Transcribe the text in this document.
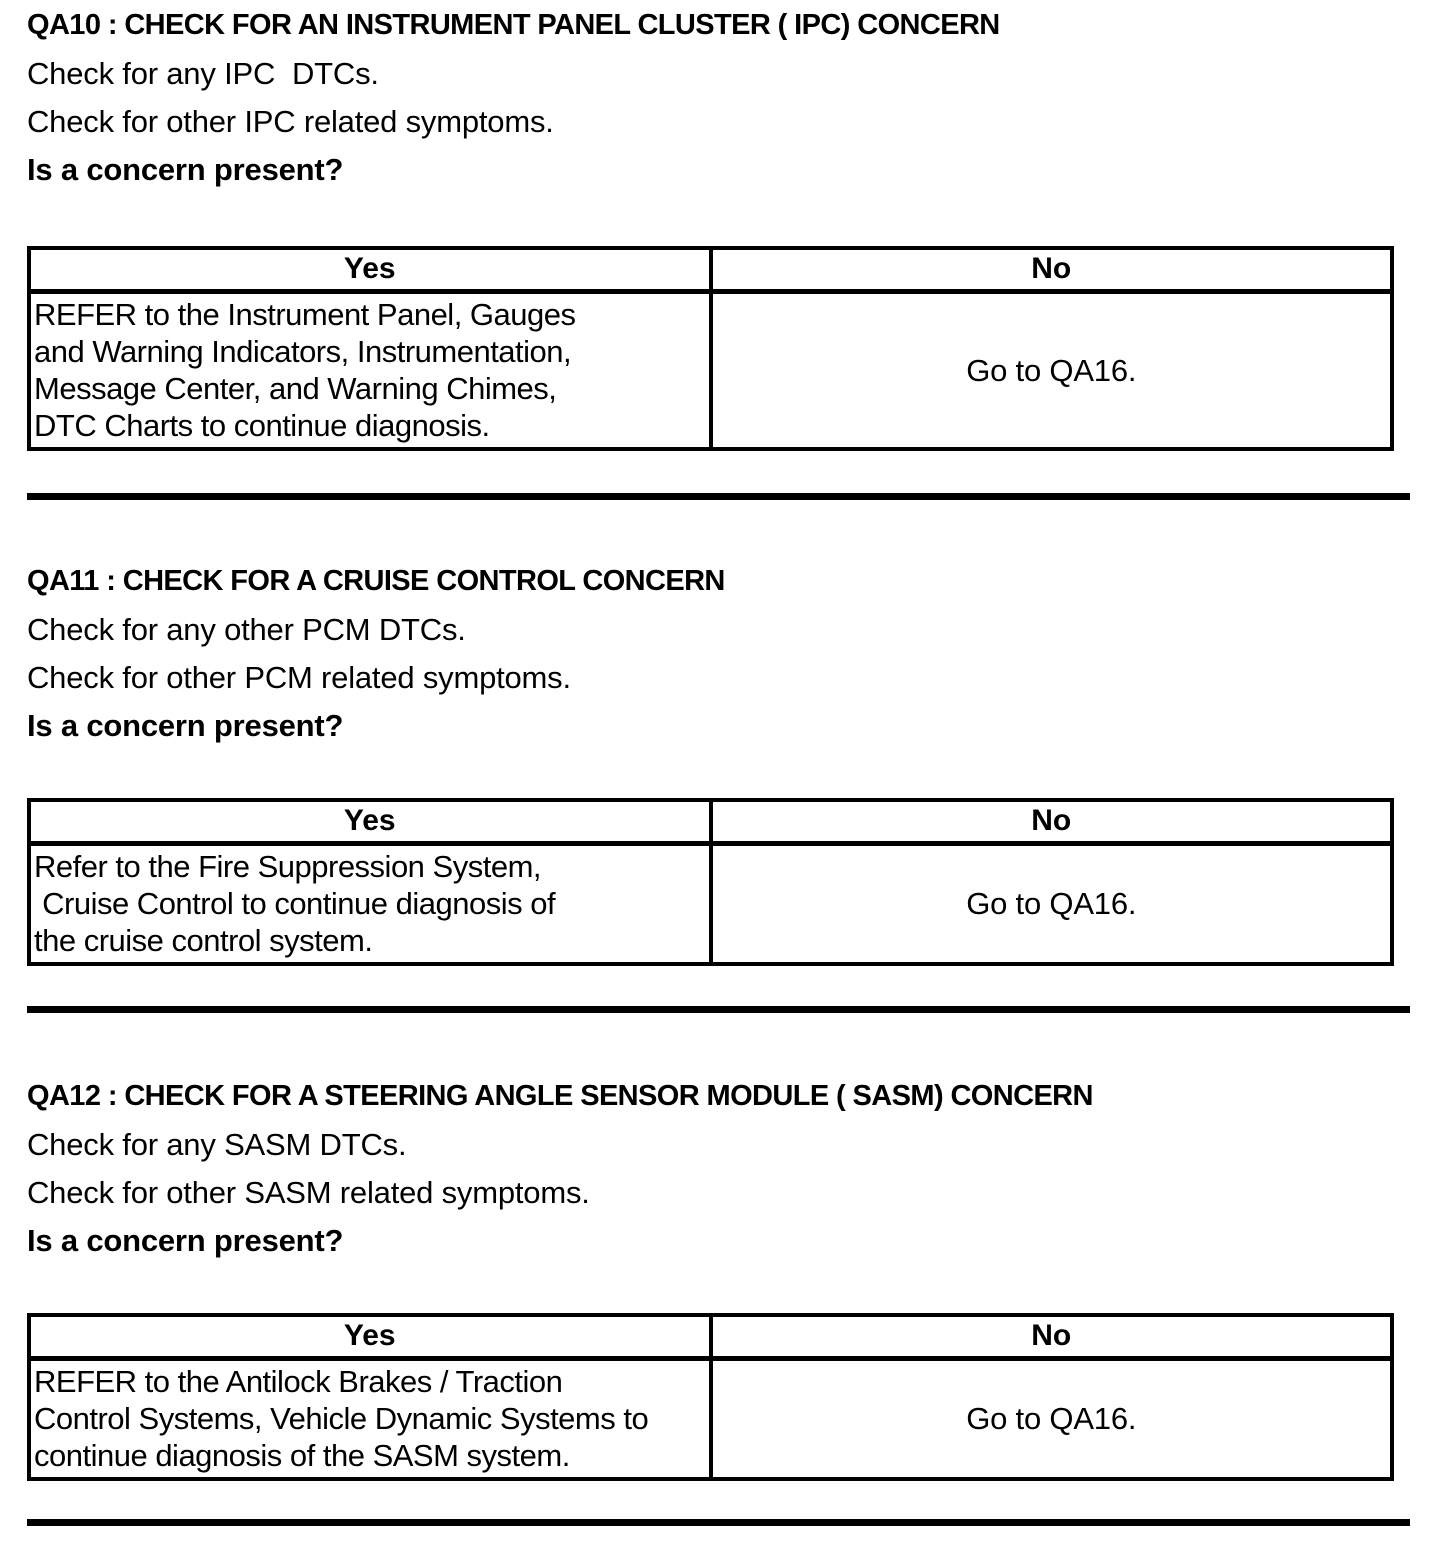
QA10 : CHECK FOR AN INSTRUMENT PANEL CLUSTER ( IPC) CONCERN
Check for any IPC  DTCs.
Check for other IPC related symptoms.
Is a concern present?
Yes	No

REFER to the Instrument Panel, Gauges
and Warning Indicators, Instrumentation,
Message Center, and Warning Chimes,
DTC Charts to continue diagnosis.	Go to QA16.
QA11 : CHECK FOR A CRUISE CONTROL CONCERN
Check for any other PCM DTCs.
Check for other PCM related symptoms.
Is a concern present?
Yes	No

Refer to the Fire Suppression System,
Cruise Control to continue diagnosis of
the cruise control system.	Go to QA16.
QA12 : CHECK FOR A STEERING ANGLE SENSOR MODULE ( SASM) CONCERN
Check for any SASM DTCs.
Check for other SASM related symptoms.
Is a concern present?
Yes	No

REFER to the Antilock Brakes / Traction
Control Systems, Vehicle Dynamic Systems to
continue diagnosis of the SASM system.	Go to QA16.
